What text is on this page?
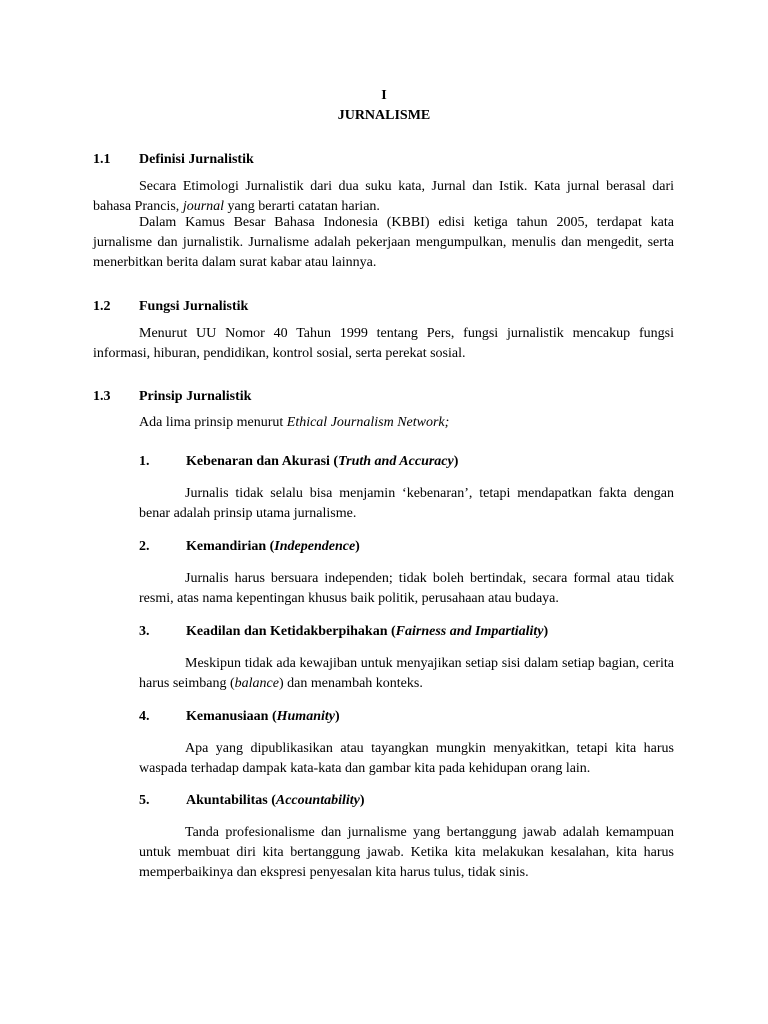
I
JURNALISME
1.1 Definisi Jurnalistik
Secara Etimologi Jurnalistik dari dua suku kata, Jurnal dan Istik. Kata jurnal berasal dari bahasa Prancis, journal yang berarti catatan harian.
Dalam Kamus Besar Bahasa Indonesia (KBBI) edisi ketiga tahun 2005, terdapat kata jurnalisme dan jurnalistik. Jurnalisme adalah pekerjaan mengumpulkan, menulis dan mengedit, serta menerbitkan berita dalam surat kabar atau lainnya.
1.2 Fungsi Jurnalistik
Menurut UU Nomor 40 Tahun 1999 tentang Pers, fungsi jurnalistik mencakup fungsi informasi, hiburan, pendidikan, kontrol sosial, serta perekat sosial.
1.3 Prinsip Jurnalistik
Ada lima prinsip menurut Ethical Journalism Network;
1.	Kebenaran dan Akurasi (Truth and Accuracy)
Jurnalis tidak selalu bisa menjamin ‘kebenaran’, tetapi mendapatkan fakta dengan benar adalah prinsip utama jurnalisme.
2.	Kemandirian (Independence)
Jurnalis harus bersuara independen; tidak boleh bertindak, secara formal atau tidak resmi, atas nama kepentingan khusus baik politik, perusahaan atau budaya.
3.	Keadilan dan Ketidakberpihakan (Fairness and Impartiality)
Meskipun tidak ada kewajiban untuk menyajikan setiap sisi dalam setiap bagian, cerita harus seimbang (balance) dan menambah konteks.
4.	Kemanusiaan (Humanity)
Apa yang dipublikasikan atau tayangkan mungkin menyakitkan, tetapi kita harus waspada terhadap dampak kata-kata dan gambar kita pada kehidupan orang lain.
5.	Akuntabilitas (Accountability)
Tanda profesionalisme dan jurnalisme yang bertanggung jawab adalah kemampuan untuk membuat diri kita bertanggung jawab. Ketika kita melakukan kesalahan, kita harus memperbaikinya dan ekspresi penyesalan kita harus tulus, tidak sinis.
